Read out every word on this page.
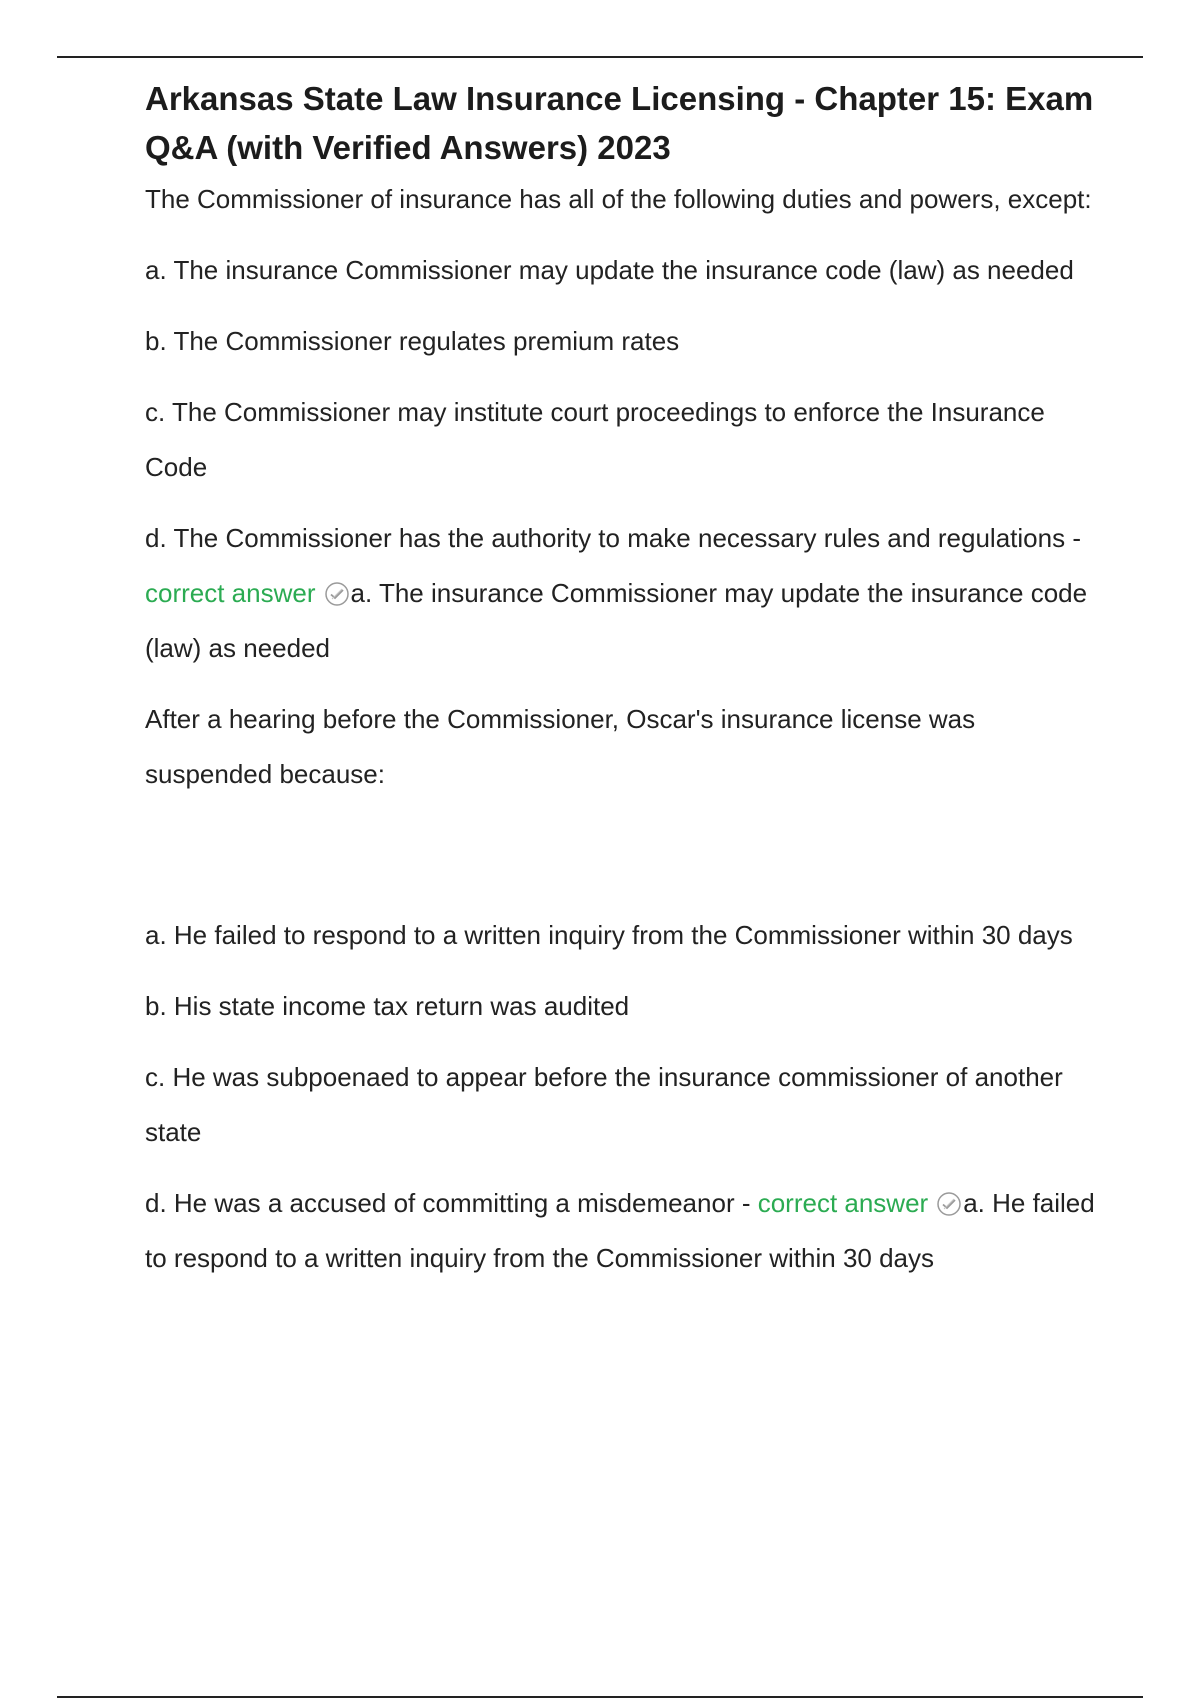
Arkansas State Law Insurance Licensing - Chapter 15: Exam Q&A (with Verified Answers) 2023

The Commissioner of insurance has all of the following duties and powers, except:

a. The insurance Commissioner may update the insurance code (law) as needed

b. The Commissioner regulates premium rates

c. The Commissioner may institute court proceedings to enforce the Insurance Code

d. The Commissioner has the authority to make necessary rules and regulations - correct answer a. The insurance Commissioner may update the insurance code (law) as needed

After a hearing before the Commissioner, Oscar's insurance license was suspended because:

a. He failed to respond to a written inquiry from the Commissioner within 30 days

b. His state income tax return was audited

c. He was subpoenaed to appear before the insurance commissioner of another state

d. He was a accused of committing a misdemeanor - correct answer a. He failed to respond to a written inquiry from the Commissioner within 30 days
